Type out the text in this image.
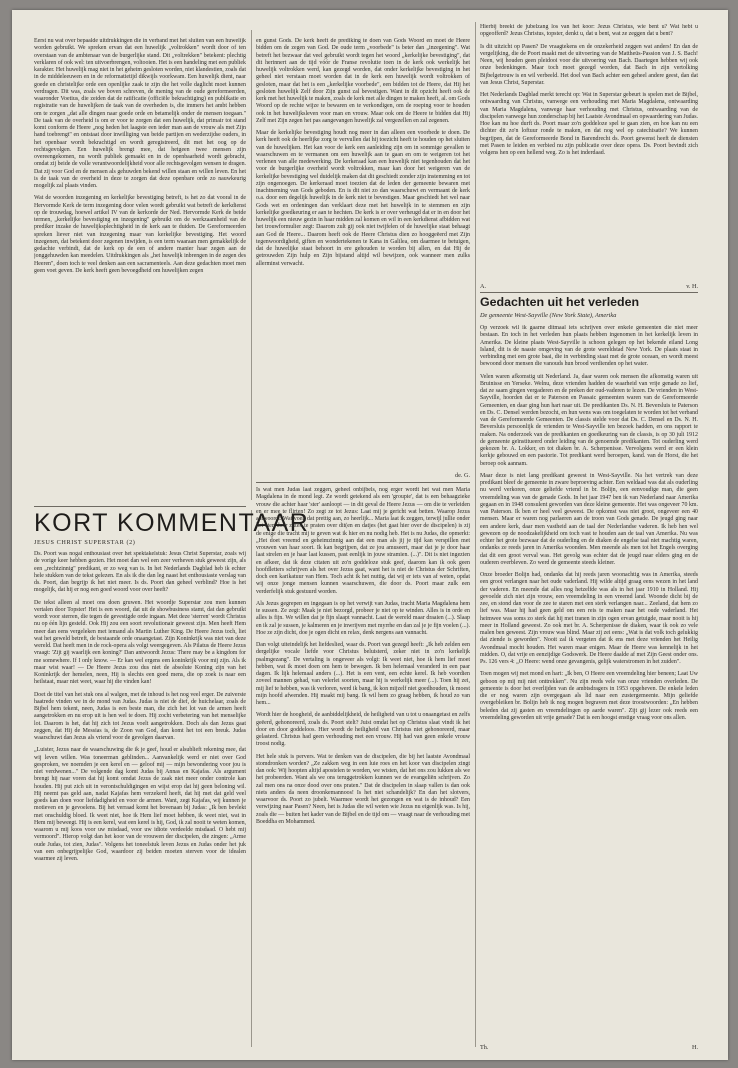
Eerst nu wat over bepaalde uitdrukkingen die in verband met het sluiten van een huwelijk worden gebruikt. We spreken ervan dat een huwelijk „voltrokken" wordt door of ten overstaan van de ambtenaar van de burgerlijke stand. Dit „voltrekken" betekent: plechtig verklaren of ook wel: ten uitvoerbrengen, voltooien. Het is een handeling met een publiek karakter. Het huwelijk mag niet in het geheim gesloten worden, niet klandestien, zoals dat in de middeleeuwen en in de reformatietijd dikwijls voorkwam. Een huwelijk dient, naar goede en christelijke orde een openlijke zaak te zijn die het volle daglicht moet kunnen verdragen. Dit was, zoals we boven schreven, de mening van de oude gereformeerden, waaronder Voetius, die zeiden dat de ratificatie (officiële bekrachtiging) en publikatie en registratie van de huwelijken de taak van de overheden is, die immers het ambt hebben om te zorgen „dat alle dingen naar goede orde en betamelijk onder de mensen toegaan." De taak van de overheid is om er voor te zorgen dat een huwelijk, dat primair tot stand komt conform de Heere „nog heden het laagste een ieder man aan de vrouw als met Zijn hand toebrengt" en ontstaat door inwilliging van beide partijen en wederzijdse ouders, in het openbaar wordt bekrachtigd en wordt geregistreerd, dit met het oog op de rechtsgevolgen. Een huwelijk brengt mee, dat hetgeen twee mensen zijn overeengekomen, nu wordt publiek gemaakt en in de openbaarheid wordt gebracht, omdat zij beide de volle verantwoordelijkheid voor alle rechtsgevolgen wensen te dragen. Dat zij voor God en de mensen als gehuwden bekend willen staan en willen leven. En het is de taak van de overheid in deze te zorgen dat deze openbare orde zo nauwkeurig mogelijk zal plaats vinden.

Wat de woorden inzegening en kerkelijke bevestiging betreft, is het zo dat vooral in de Hervormde Kerk de term inzegening door velen wordt gebruikt wat betreft de kerkdienst op de trouwdag, hoewel artikel IV van de kerkorde der Ned. Hervormde Kerk de beide termen, „kerkelijke bevestiging en inzegening" gebruikt om de werkzaamheid van de prediker inzake de huwelijksplechtigheid in de kerk aan te duiden. De Gereformeerden spreken liever niet van inzegening maar van kerkelijke bevestiging. Het woord inzegenen, dat betekent door zegenen inwijden, is een term waaraan men gemakkelijk de gedachte verbindt, dat de kerk op de een of andere manier haar zegen aan de jonggehuwden kan meedelen. Uitdrukkingen als „het huwelijk inbrengen in de zegen des Heeren", doen toch te veel denken aan een sacramenteels. Aan deze gedachten moet men geen voet geven. De kerk heeft geen bevoegdheid om huwelijken zegen

en gunst Gods. De kerk heeft de prediking te doen van Gods Woord en moet de Heere bidden om de zegen van God. De oude term „voorbede" is beter dan „inzegening". Wat betreft het bezwaar dat veel gebruikt wordt tegen het woord „kerkelijke bevestiging", dat dit herinnert aan de tijd vóór de Franse revolutie toen in de kerk ook werkelijk het huwelijk voltrokken werd, kan gezegd worden, dat onder kerkelijke bevestiging in het geheel niet verstaan moet worden dat in de kerk een huwelijk wordt voltrokken of gesloten, maar dat het is een „kerkelijke voorbede", een bidden tot de Heere, dat Hij het gesloten huwelijk Zelf door Zijn gunst zal bevestigen. Want in dit opzicht heeft ook de kerk met het huwelijk te maken, zoals de kerk met alle dingen te maken heeft, al. om Gods Woord op de rechte wijze te bewaren en te verkondigen, om de roeping voor te houden ook in het huwelijksleven voor man en vrouw. Maar ook om de Heere te bidden dat Hij Zelf met Zijn zegen het pas aangevangen huwelijk zal vergezellen en zal zegenen.

Maar de kerkelijke bevestiging houdt nog meer in dan alleen een voorbede te doen. De kerk heeft ook de heerlijke zorg te vervullen dat hij toezicht heeft te houden op het sluiten van de huwelijken. Het kan voor de kerk een aanleiding zijn om in sommige gevallen te waarschuwen en te vermanen om een huwelijk aan te gaan en om te weigeren tot het verlenen van alle medewerking. De kerkeraad kan een huwelijk niet tegenhouden dat het voor de burgerlijke overheid wordt voltrokken, maar kan door het weigeren van de kerkelijke bevestiging wel duidelijk maken dat dit geschiedt zonder zijn instemming en tot zijn ongenoegen. De kerkeraad moet toezien dat de leden der gemeente bewaren met inachtneming van Gods geboden. En is dit niet zo dan waarschuwt en vermaant de kerk o.a. door een degelijk huwelijk in de kerk niet te bevestigen. Maar geschiedt het wel naar Gods wet en ordeningen dan verklaart deze met het huwelijk in te stemmen en zijn kerkelijke goedkeuring er aan te hechten. De kerk is er over verheugd dat er in en door het huwelijk een nieuw gezin in haar midden zal komen en wil in een kerkdienst afbidden wat het trouwformulier zegt: Daarom zult gij ook niet twijfelen of de huwelijke staat behaagt aan God de Heere... Daarom heeft ook de Heere Christus dien zo hooggeëerd met Zijn tegenwoordigheid, giften en wondertekenen te Kana in Galilea, om daarmee te betuigen, dat de huwelijke staat behoort in ere gehouden te worden bij allen, en dat Hij de getrouwden Zijn hulp en Zijn bijstand altijd wil bewijzen, ook wanneer men zulks allerminst verwacht.

de. G.

Hierbij breekt de jubelzang los van het koor: Jezus Christus, wie bent u? Wat hebt u opgeofferd? Jezus Christus, topster, denkt u, dat u bent, wat ze zeggen dat u bent?

Is dit uitzicht op Pasen? De vraagtekens en de onzekerheid zeggen wat anders! En dan de vergelijking, die de Poort maakt met de uitvoering van de Mattheüs-Passion van J. S. Bach! Neen, wij houden geen pleidooi voor die uitvoering van Bach. Daartegen hebben wij ook onze bedenkingen. Maar toch moet gezegd worden, dat Bach in zijn vertolking Bijbelgetrouw is en wil verbeeld. Het doel van Bach achter een geheel andere geest, dan dat van Jesus Christ, Superstar.

Het Nederlands Dagblad merkt terecht op: Wat in Superstar gebeurt is spelen met de Bijbel, ontwaarding van Christus, vanwege een verhouding met Maria Magdalena, ontwaarding van Maria Magdalena, vanwege haar verhouding met Christus, ontwaarding van de discipelen vanwege hun zonderschap bij het Laatste Avondmaal en opwaardering van Judas. Hoe kan nu hoe durft ds. Poort maar zo'n goddeloze spel te gaan zien, en hoe kan nu een dichter dit zo'n loftuur ronde te maken, en dat nog wel op catechisatie? We kunnen begrijpen, dat de Gereformeerde Bond in Barendrecht ds. Poort gewenst heeft de diensten met Pasen te leiden en verbied nu zijn publicatie over deze opera. Ds. Poort bevindt zich volgens hen op een hellend weg. Zo is het inderdaad.

A.	v. H.
KORT KOMMENTAAR
JESUS CHRIST SUPERSTAR (2)

Ds. Poort was nogal enthousiast over het spektakelstuk: Jesus Christ Superstar, zoals wij de vorige keer hebben gezien. Het moet dan wel een zeer verheven stuk geweest zijn, als een „rechtzinnig" predikant, er zo weg van is. In het Nederlands Dagblad heb ik echter hele stukken van de tekst gelezen. En als ik die dan leg naast het enthousiaste verslag van ds. Poort, dan begrijp ik het niet meer. Is ds. Poort dan geheel verblind? Hoe is het mogelijk, dat hij er nog een goed woord voor over heeft?

De tekst alleen al moet ons doen gruwen. Het woordje Superstar zou men kunnen vertalen door Topster! Het is een woord, dat uit de showbusiness stamt, dat dan gebruikt wordt voor sterren, die tegen de gevestigde orde ingaan. Met deze 'sterren' wordt Christus nu op één lijn gesteld. Ook Hij zou een soort revolutionair geweest zijn. Men heeft Hem meer dan eens vergeleken met iemand als Martin Luther King. De Heere Jezus toch, liet wat het geweld betreft, de bestaande orde onaangetast. Zijn Koninkrijk was niet van deze wereld. Dat heeft men in de rock-opera als volgt weergegeven. Als Pilatus de Heere Jezus vraagt: 'Zijt gij waarlijk een koning?' Dan antwoordt Jezus: There may be a kingdom for me somewhere. If I only know. — Er kan wel ergens een koninkrijk voor mij zijn. Als ik maar wist waar! — De Heere Jezus zou dus niet de absolute Koning zijn van het Koninkrijk der hemelen, neen, Hij is slechts een goed mens, die op zoek is naar een heilstaat, maar niet weet, waar hij die vinden kan!

Doet de titel van het stuk ons al walgen, met de inhoud is het nog veel erger. De zuiverste haatrede vinden we in de mond van Judas. Judas is niet de dief, de huichelaar, zoals de Bijbel hem tekent, neen, Judas is een beste man, die zich het lot van de armen heeft aangetrokken en nu erop uit is hen wel te doen. Hij zocht verbetering van het menselijke lot. Daarom is het, dat hij zich tot Jezus voelt aangetrokken. Doch als dan Jezus gaat zeggen, dat Hij de Messias is, de Zoon van God, dan komt het tot een breuk. Judas waarschuwt dan Jezus als vriend voor de gevolgen daarvan.

„Luister, Jezus naar de waarschuwing die ik je geef, houd er alsublieft rekening mee, dat wij leven willen. Was toneerman geblinden... Aanvankelijk werd er niet over God gesproken, we noemden je een kerel en — geloof mij — mijn bewondering voor jou is niet verdwenen..." De volgende dag komt Judas bij Annas en Kajafas. Als argument brengt hij naar voren dat hij komt omdat Jezus de zaak niet meer onder controle kan houden. Hij put zich uit in verontschuldigingen en wijst erop dat hij geen beloning wil. Hij neemt pas geld aan, nadat Kajafas hem verzekerd heeft, dat hij met dat geld veel goeds kan doen voor liefdadigheid en voor de armen. Want, zegt Kajafas, wij kunnen je motieven en je gevoelens. Bij het verraad komt het bovenaan bij Judas: „Ik ben bevlekt met onschuldig bloed. Ik weet niet, hoe ik Hem lief moet hebben, ik weet niet, wat in Hem mij beweegt. Hij is een kerel, wat een kerel is hij, God, ik zal nooit te weten komen, waarom u mij koos voor uw misdaad, voor uw idiote verdeelde misdaad. O hebt mij vermoord". Hierop volgt dan het koor van de vrouwen der discipelen, die zingen: „Arme oude Judas, tot zien, Judas". Volgens het toneelstuk leven Jezus en Judas onder het juk van een onbegrijpelijke God, waardoor zij beiden moeten sterven voor de idealen waarmee zij leven.

Is wat men Judas laat zeggen, geheel onbijbels, nog erger wordt het wat men Maria Magdalena in de mond legt. Ze wordt getekend als een 'groupie', dat is een behaagzieke vrouw die achter haar 'ster' aanloopt — in dit geval de Heere Jezus — om die te verleiden en er mee te flirten! Zo zegt ze tot Jezus: Laat mij je gericht wat betten. Waarop Jezus antwoordt: Wat voelt dat prettig aan, zo heerlijk... Maria laat ik zeggen, terwijl jullie onder het eten door zitten te praten over dit(en en datjes (het gaat hier over de discipelen) is zij de enige die tracht mij te geven wat ik hier en nu nodig heb. Het is nu Judas, die opmerkt: „Het doet vreemd en geheimzinnig aan dat een man als jij je tijd kan verspillen met vrouwen van haar soort. Ik kan begrijpen, dat ze jou amuseert, maar dat je je door haar laat strelen en je haar laat kussen, past eenlijk in jouw stramien. (...)". Dit is niet ingezien en afkeer, dat ik deze citaten uit zo'n goddeloze stuk geef, daarom kan ik ook geen hoofdletters schrijven als het over Jezus gaat, want het is niet de Christus der Schriften, doch een karikatuur van Hem. Toch acht ik het nuttig, dat wij er iets van af weten, opdat wij onze jonge mensen kunnen waarschuwen, die door ds. Poort maar zulk een verderfelijk stuk gestuurd worden.

Als Jezus gegrepen en ingegaan is op het verwijt van Judas, tracht Maria Magdalena hem te sussen. Ze zegt: Maak je niet bezorgd, probeer je niet op te winden. Alles is in orde en alles is fijn. We willen dat je fijn slaapt vannacht. Laat de wereld maar draaien (...). Slaap en ik zal je sussen, je kalmeren en je inwrijven met myrrhe en dan zal je je fijn voelen (...). Hoe ze zijn dicht, doe je ogen dicht en relax, denk nergens aan vannacht.

Dan volgt uiteindelijk het liefdeslied, waar ds. Poort van gezegd heeft: „Ik heb zelden een dergelijke vocale liefde voor Christus beluisterd, zeker niet in zo'n kerkelijk psalmgezang". De vertaling is ongeveer als volgt: Ik weet niet, hoe ik hem lief moet hebben, wat ik moet doen om hem te bewegen. Ik ben helemaal veranderd in een paar dagen. Ik lijk helemaal anders (...). Het is een vent, een echte kerel. Ik heb voordien zoveel mannen gehad, van velerlei soorten, maar hij is werkelijk meer (...). Toen hij zei, mij lief te hebben, was ik verloren, werd ik bang, ik kon mijzelf niet goedhouden, ik moest mijn hoofd afwenden. Hij maakt mij bang. Ik wil hem zo graag hebben, ik houd zo van hem...

Wordt hier de hoogheid, de aanbiddelijkheid, de heiligheid van u tot u onaangetast en zelfs geëerd, gehonoreerd, zoals ds. Poort stelt? Juist omdat het op Christus slaat vindt ik het door en door goddeloos. Hier wordt de heiligheid van Christus niet gehonoreerd, maar gelasterd. Christus had geen verhouding met een vrouw. Hij had van geen enkele vrouw troost nodig.

Het hele stuk is pervers. Wat te denken van de discipelen, die bij het laatste Avondmaal stomdronken worden? „Ze zakken weg in een luie roes en het koor van discipelen zingt dan ook: Wij hoopten altijd apostelen te worden, we wisten, dat het ons zou lukken als we het probeerden. Want als we ons teruggetrokken kunnen we de evangeliën schrijven. Zo zal men ons na onze dood over ons praten." Dat de discipelen in slaap vallen is dan ook niets anders da neen droonkemannoos! Is het niet schandelijk? En dan het slotvers, waarvoor ds. Poort zo jubelt. Waarmee wordt het gezongen en wat is de inhoud? Een verwijzing naar Pasen? Neen, het is Judas die wil weten wie Jezus nu eigenlijk was. Is hij, zoals die — buiten het kader van de Bijbel en de tijd om — vraagt naar de verhouding met Boeddha en Mohammed.

Gedachten uit het verleden
De gemeente West-Sayville (New York State), Amerika

Op verzoek wil ik gaarne ditmaal iets schrijven over enkele gemeenten die niet meer bestaan. En toch in het verleden hun plaats hebben ingenomen in het kerkelijk leven in Amerika. De kleine plaats West-Sayville is schoon gelegen op het bekende eiland Long Island, dit is de naaste omgeving van de grote wereldstad New York. De plaats staat in verbinding met een grote baai, die in verbinding staat met de grote oceaan, en wordt meest bewoond door mensen die vanouds hun brood verdienden op het water.

Velen waren afkomstig uit Nederland. Ja, daar waren ook mensen die afkomstig waren uit Bruinisse en Yerseke. Welnu, deze vrienden hadden de waarheid van vrije genade zo lief, dat ze saam gingen vergaderen en de preken der oud-vaderen te lezen. De vrienden in West-Sayville, hoorden dat er te Paterson en Passaic gemeenten waren van de Gereformeerde Gemeenten, en daar ging hun hart naar uit. De predikanten Ds. N. H. Beversluis te Paterson en Ds. C. Densel werden bezocht, en hun wens was om toegelaten te worden tot het verband van de Gereformeerde Gemeenten. De classis stelde voor dat Ds. C. Densel en Ds. N. H. Beversluis persoonlijk de vrienden te West-Sayville ten bezoek hadden, en ons rapport te maken. Na onderzoek van de predikanten en goedkeuring van de classis, is op 30 juli 1912 de gemeente geïnstitueerd onder leiding van de genoemde predikanten. Tot ouderling werd gekozen br. A. Lokker, en tot diaken br. A. Scherpenisse. Vervolgens werd er een klein kerkje gebouwd en een pastorie. Tot predikant werd beroepen, kand. van de Horst, die het beroep ook aannam.

Maar deze is niet lang predikant geweest in West-Sayville. Na het vertrek van deze predikant bleef de gemeente in zware beproeving achter. Een weldaad was dat als ouderling nu werd verkoren, onze geliefde vriend in br. Bolijn, een eenvoudige man, die geen vreemdeling was van de genade Gods. In het jaar 1947 ben ik van Nederland naar Amerika gegaan en in 1948 consulent geworden van deze kleine gemeente. Het was ongeveer 70 km. van Paterson. Ik ben er heel veel geweest. De opkomst was niet groot, ongeveer een 40 mensen. Maar er waren nog parlaeren aan de troon van Gods genade. De jeugd ging naar een andere kerk, daar men vastheid aan de taal der Nederlandse vaderen. Ik heb hen wel gewezen op de noodzakelijkheid om toch vast te houden aan de taal van Amerika. Nu was echter het grote bezwaar dat de ouderling en de diaken de engelse taal niet machtig waren, ondanks ze reeds jaren in Amerika woonden. Men meende als men tot het Engels overging dat dit een groot verval was. Het gevolg was echter dat de jeugd naar elders ging en de ouderen overbleven. Zo werd de gemeente steeds kleiner.

Onze broeder Bolijn had, ondanks dat hij reeds jaren woonachtig was in Amerika, steeds een groot verlangen naar het oude vaderland. Hij wilde altijd graag eens wezen in het land der vaderen. En meende dat alles nog hetzelfde was als in het jaar 1910 in Holland. Hij gevoelde zich niet zijn vrouw, een vreemdeling in een vreemd land. Woonde dicht bij de zee, en stond dan voor de zee te staren met een sterk verlangen naar... Zeeland, dat hem zo lief was. Maar hij had geen geld om een reis te maken naar het oude vaderland. Het heimwee was soms zo sterk dat hij met tranen in zijn ogen ervan getuigde, maar nooit is hij meer in Holland geweest. Zo ook met br. A. Scherpenisse de diaken, waar ik ook zo vele malen ben geweest. Zijn vrouw was blind. Maar zij zei eens: „Wat is dat volk toch gelukkig dat ziende is geworden". Nooit zal ik vergeten dat ik ens met deze vrienden het Heilig Avondmaal mocht houden. Het waren maar enigen. Maar de Heere was kennelijk in het midden. O, dat vrije en eenzijdige Godswerk. De Heere daalde af met Zijn Geest onder ons. Ps. 126 vers 4: „O Heere: wend onze gevangenis, gelijk waterstromen in het zuiden".

Toen mogen wij met mond en hart: „Ik ben, O Heere een vreemdeling hier beneen; Laat Uw geboon op mij mij niet onttrekken". Nu zijn reeds vele van onze vrienden overleden. De gemeente is door het overlijden van de ambtsdragers in 1953 opgeheven. De enkele leden die er nog waren zijn overgegaan als lid naar een zustergemeente. Mijn geliefde overgebleiken br. Bolijn heb ik nog mogen begraven met deze troostwoorden: „En hebben beleden dat zij gasten en vreemdelingen op aarde waren". Zijt gij lezer ook reeds een vreemdeling geworden uit vrije genade? Dat is een hoogst enstige vraag voor ons allen.

Th.	H.
